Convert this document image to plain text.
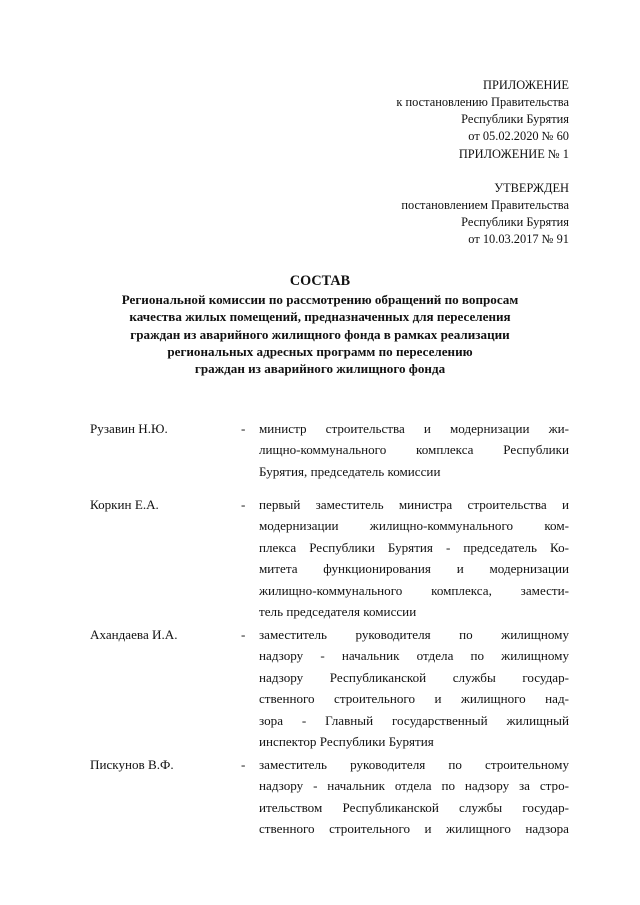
ПРИЛОЖЕНИЕ
к постановлению Правительства
Республики Бурятия
от 05.02.2020 № 60
ПРИЛОЖЕНИЕ № 1
УТВЕРЖДЕН
постановлением Правительства
Республики Бурятия
от 10.03.2017 № 91
СОСТАВ
Региональной комиссии по рассмотрению обращений по вопросам
качества жилых помещений, предназначенных для переселения
граждан из аварийного жилищного фонда в рамках реализации
региональных адресных программ по переселению
граждан из аварийного жилищного фонда
Рузавин Н.Ю.	- министр строительства и модернизации жи-
лищно-коммунального комплекса Республики
Бурятия, председатель комиссии
Коркин Е.А.	- первый заместитель министра строительства и
модернизации жилищно-коммунального ком-
плекса Республики Бурятия - председатель Ко-
митета функционирования и модернизации
жилищно-коммунального комплекса, замести-
тель председателя комиссии
Ахандаева И.А.	- заместитель руководителя по жилищному
надзору - начальник отдела по жилищному
надзору Республиканской службы государ-
ственного строительного и жилищного над-
зора - Главный государственный жилищный
инспектор Республики Бурятия
Пискунов В.Ф.	- заместитель руководителя по строительному
надзору - начальник отдела по надзору за стро-
ительством Республиканской службы государ-
ственного строительного и жилищного надзора
